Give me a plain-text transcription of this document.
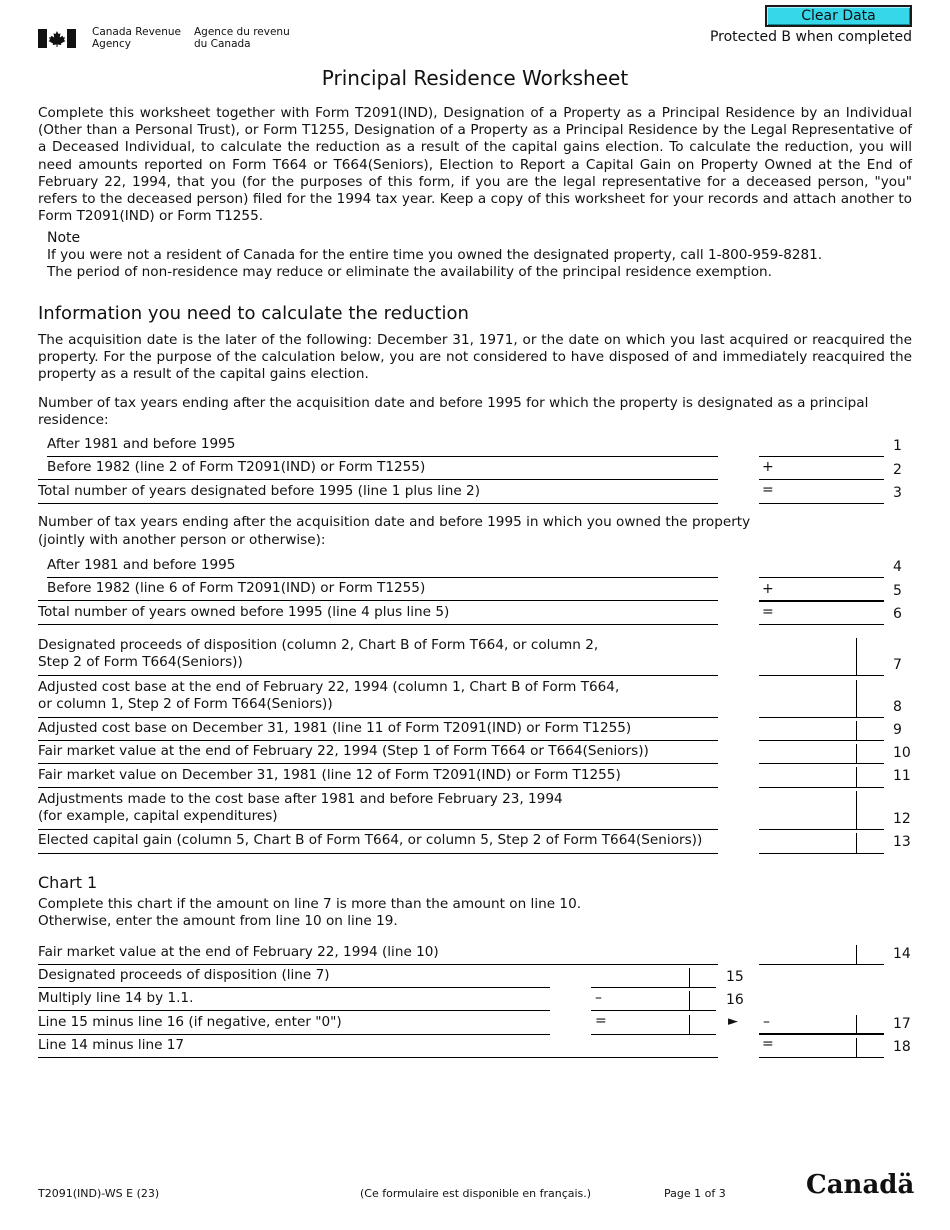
Canada Revenue
Agency
Agence du revenu
du Canada
Clear Data
Protected B when completed
Principal Residence Worksheet

Complete this worksheet together with Form T2091(IND), Designation of a Property as a Principal Residence by an Individual (Other than a Personal Trust), or Form T1255, Designation of a Property as a Principal Residence by the Legal Representative of a Deceased Individual, to calculate the reduction as a result of the capital gains election. To calculate the reduction, you will need amounts reported on Form T664 or T664(Seniors), Election to Report a Capital Gain on Property Owned at the End of February 22, 1994, that you (for the purposes of this form, if you are the legal representative for a deceased person, "you" refers to the deceased person) filed for the 1994 tax year. Keep a copy of this worksheet for your records and attach another to Form T2091(IND) or Form T1255.

Note
If you were not a resident of Canada for the entire time you owned the designated property, call 1-800-959-8281.
The period of non-residence may reduce or eliminate the availability of the principal residence exemption.
Information you need to calculate the reduction

The acquisition date is the later of the following: December 31, 1971, or the date on which you last acquired or reacquired the property. For the purpose of the calculation below, you are not considered to have disposed of and immediately reacquired the property as a result of the capital gains election.

Number of tax years ending after the acquisition date and before 1995 for which the property is designated as a principal residence:

After 1981 and before 1995	1
Before 1982 (line 2 of Form T2091(IND) or Form T1255)	+	2
Total number of years designated before 1995 (line 1 plus line 2)	=	3
Number of tax years ending after the acquisition date and before 1995 in which you owned the property
(jointly with another person or otherwise):
After 1981 and before 1995	4
Before 1982 (line 6 of Form T2091(IND) or Form T1255)	+	5
Total number of years owned before 1995 (line 4 plus line 5)	=	6
Designated proceeds of disposition (column 2, Chart B of Form T664, or column 2,
Step 2 of Form T664(Seniors))	7
Adjusted cost base at the end of February 22, 1994 (column 1, Chart B of Form T664,
or column 1, Step 2 of Form T664(Seniors))	8
Adjusted cost base on December 31, 1981 (line 11 of Form T2091(IND) or Form T1255)	9
Fair market value at the end of February 22, 1994 (Step 1 of Form T664 or T664(Seniors))	10
Fair market value on December 31, 1981 (line 12 of Form T2091(IND) or Form T1255)	11
Adjustments made to the cost base after 1981 and before February 23, 1994
(for example, capital expenditures)	12
Elected capital gain (column 5, Chart B of Form T664, or column 5, Step 2 of Form T664(Seniors))	13
Chart 1
Complete this chart if the amount on line 7 is more than the amount on line 10.
Otherwise, enter the amount from line 10 on line 19.
Fair market value at the end of February 22, 1994 (line 10)	14
Designated proceeds of disposition (line 7)	15
Multiply line 14 by 1.1.	–	16
Line 15 minus line 16 (if negative, enter "0")	=	► –	17
Line 14 minus line 17	=	18
T2091(IND)-WS E (23)	(Ce formulaire est disponible en français.)	Page 1 of 3	Canadä
